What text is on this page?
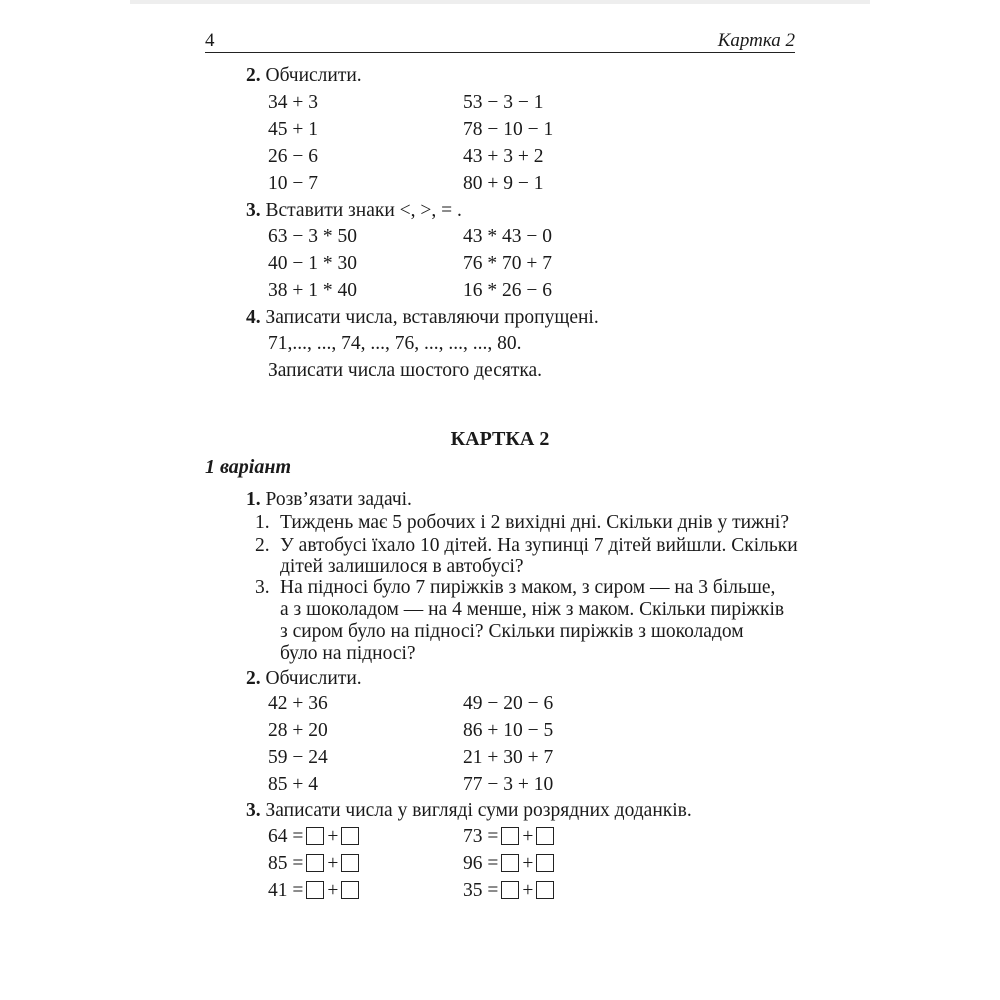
4	Картка 2
2. Обчислити.
34 + 3
45 + 1
26 − 6
10 − 7
53 − 3 − 1
78 − 10 − 1
43 + 3 + 2
80 + 9 − 1
3. Вставити знаки <, >, = .
63 − 3 * 50
40 − 1 * 30
38 + 1 * 40
43 * 43 − 0
76 * 70 + 7
16 * 26 − 6
4. Записати числа, вставляючи пропущені.
71,..., ..., 74, ..., 76, ..., ..., ..., 80.
Записати числа шостого десятка.
КАРТКА 2
1 варіант
1. Розв’язати задачі.
1. Тиждень має 5 робочих і 2 вихідні дні. Скільки днів у тижні?
2. У автобусі їхало 10 дітей. На зупинці 7 дітей вийшли. Скільки
дітей залишилося в автобусі?
3. На підносі було 7 пиріжків з маком, з сиром — на 3 більше,
а з шоколадом — на 4 менше, ніж з маком. Скільки пиріжків
з сиром було на підносі? Скільки пиріжків з шоколадом
було на підносі?
2. Обчислити.
42 + 36
28 + 20
59 − 24
85 + 4
49 − 20 − 6
86 + 10 − 5
21 + 30 + 7
77 − 3 + 10
3. Записати числа у вигляді суми розрядних доданків.
64 = +
85 = +
41 = +
73 = +
96 = +
35 = +
